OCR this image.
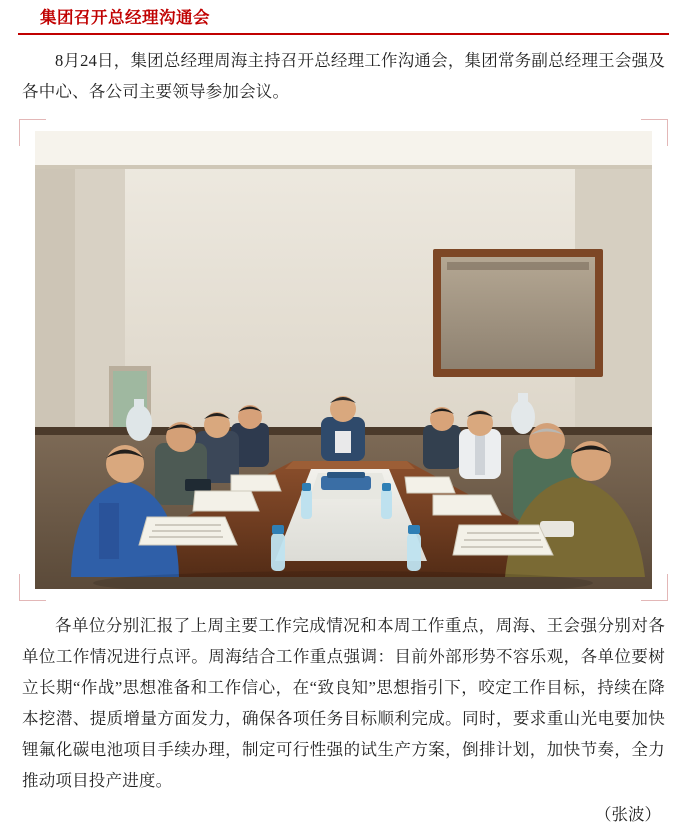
集团召开总经理沟通会

8月24日，集团总经理周海主持召开总经理工作沟通会，集团常务副总经理王会强及各中心、各公司主要领导参加会议。

各单位分别汇报了上周主要工作完成情况和本周工作重点，周海、王会强分别对各单位工作情况进行点评。周海结合工作重点强调：目前外部形势不容乐观，各单位要树立长期“作战”思想准备和工作信心，在“致良知”思想指引下，咬定工作目标，持续在降本挖潜、提质增量方面发力，确保各项任务目标顺利完成。同时，要求重山光电要加快锂氟化碳电池项目手续办理，制定可行性强的试生产方案，倒排计划，加快节奏，全力推动项目投产进度。

（张波）
